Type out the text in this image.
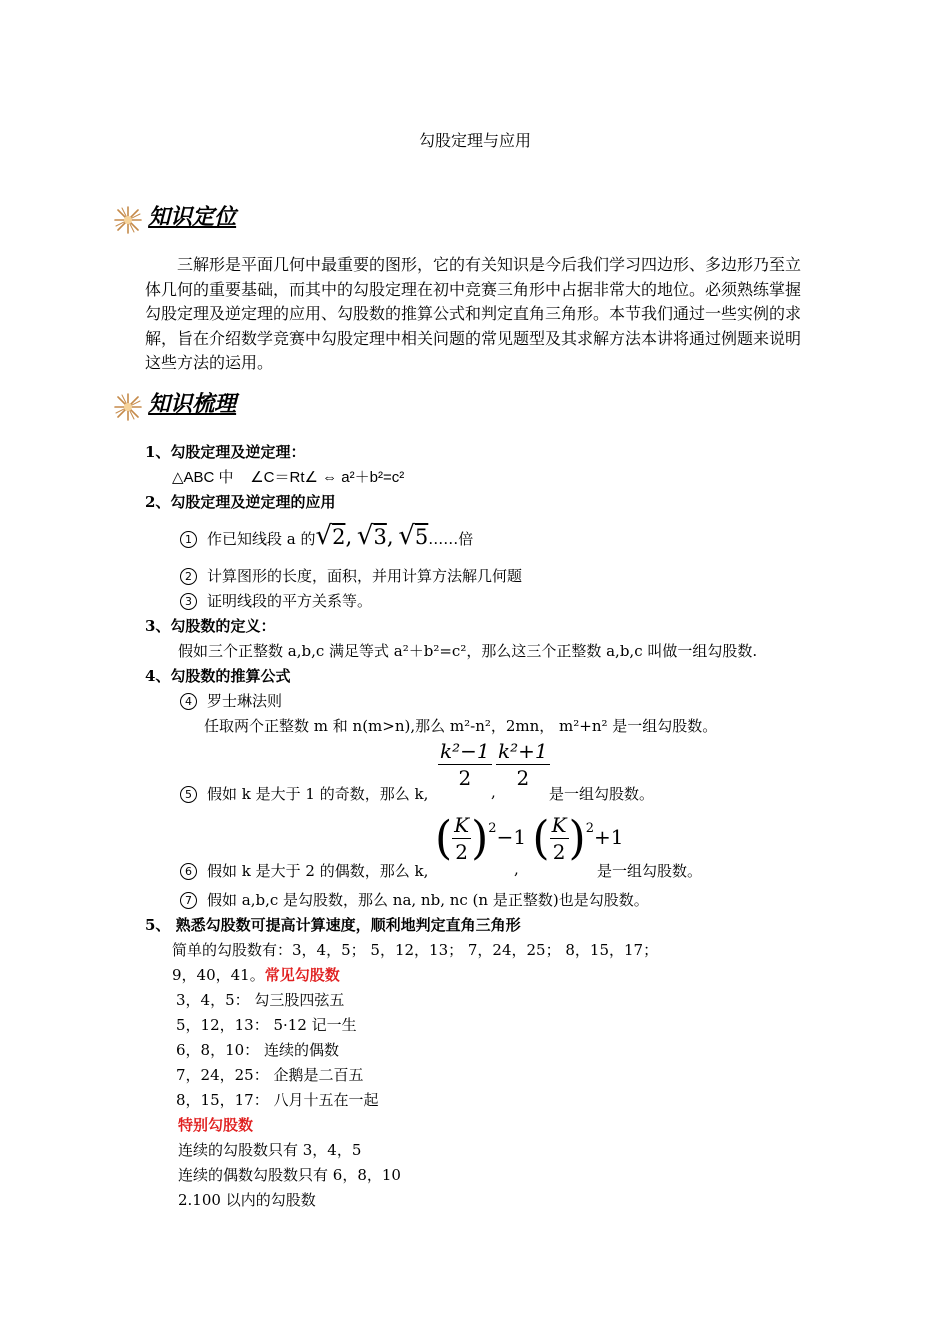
勾股定理与应用
知识定位
三解形是平面几何中最重要的图形，它的有关知识是今后我们学习四边形、多边形乃至立体几何的重要基础，而其中的勾股定理在初中竞赛三角形中占据非常大的地位。必须熟练掌握勾股定理及逆定理的应用、勾股数的推算公式和判定直角三角形。本节我们通过一些实例的求解，旨在介绍数学竞赛中勾股定理中相关问题的常见题型及其求解方法本讲将通过例题来说明这些方法的运用。
知识梳理
1、勾股定理及逆定理：
△ABC 中 ∠C＝Rt∠ ⇔ a²＋b²=c²
2、勾股定理及逆定理的应用
1 作已知线段 a 的√2, √3, √5……倍
2 计算图形的长度，面积，并用计算方法解几何题
3 证明线段的平方关系等。
3、勾股数的定义：
假如三个正整数 a,b,c 满足等式 a²＋b²=c²，那么这三个正整数 a,b,c 叫做一组勾股数.
4、勾股数的推算公式
4 罗士琳法则
任取两个正整数 m 和 n(m>n),那么 m²-n²，2mn， m²+n² 是一组勾股数。
$\frac{\text{k²−1}}{2} \frac{\text{k²+1}}{2}$
5 假如 k 是大于 1 的奇数，那么 k,	,	是一组勾股数。
( $\frac{K}{2} )^2-1$ ( $\frac{K}{2} )^2+1$
6 假如 k 是大于 2 的偶数，那么 k,	,	是一组勾股数。
7 假如 a,b,c 是勾股数，那么 na, nb, nc (n 是正整数)也是勾股数。
5、 熟悉勾股数可提高计算速度，顺利地判定直角三角形
简单的勾股数有：3，4，5； 5，12，13； 7，24，25； 8，15，17；
9，40，41。常见勾股数
3，4，5： 勾三股四弦五
5，12，13： 5·12 记一生
6，8，10： 连续的偶数
7，24，25： 企鹅是二百五
8，15，17： 八月十五在一起
特别勾股数
连续的勾股数只有 3，4，5
连续的偶数勾股数只有 6，8，10
2.100 以内的勾股数
